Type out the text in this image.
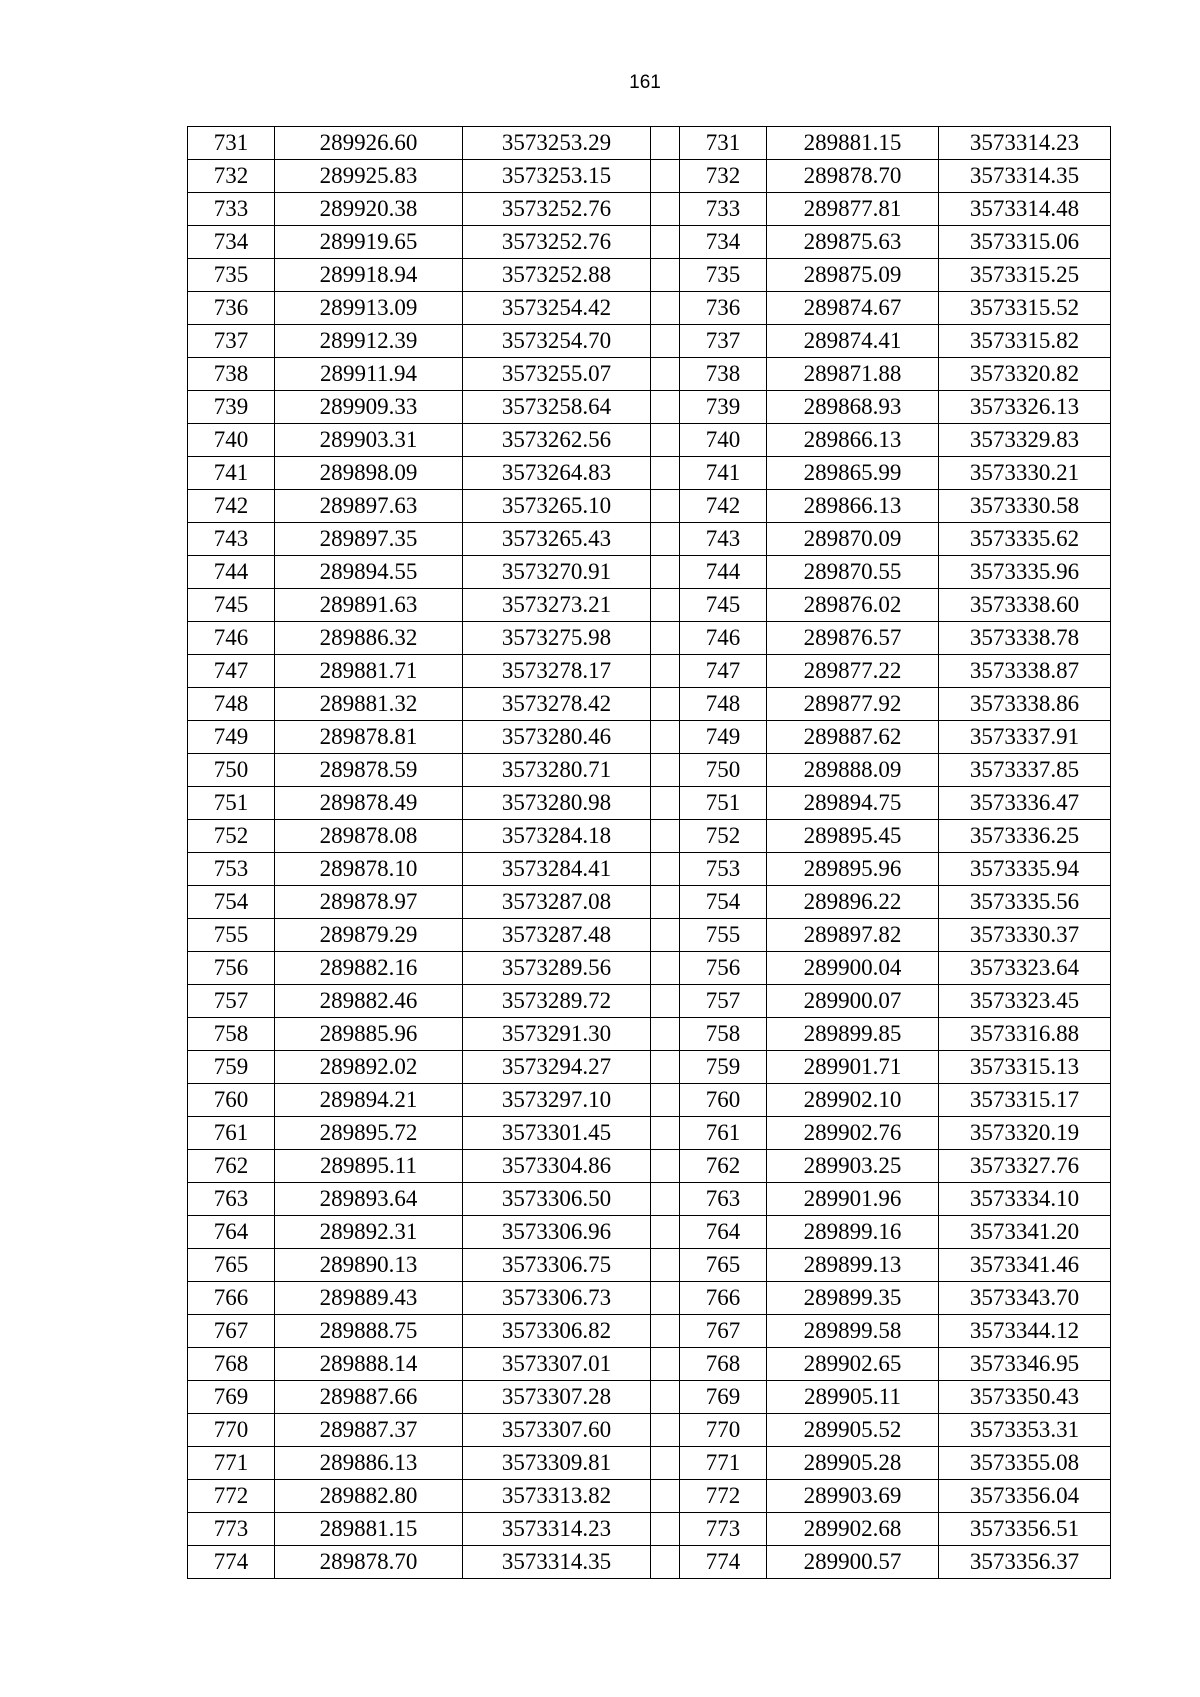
161
731	289926.60	3573253.29		731	289881.15	3573314.23
732	289925.83	3573253.15		732	289878.70	3573314.35
733	289920.38	3573252.76		733	289877.81	3573314.48
734	289919.65	3573252.76		734	289875.63	3573315.06
735	289918.94	3573252.88		735	289875.09	3573315.25
736	289913.09	3573254.42		736	289874.67	3573315.52
737	289912.39	3573254.70		737	289874.41	3573315.82
738	289911.94	3573255.07		738	289871.88	3573320.82
739	289909.33	3573258.64		739	289868.93	3573326.13
740	289903.31	3573262.56		740	289866.13	3573329.83
741	289898.09	3573264.83		741	289865.99	3573330.21
742	289897.63	3573265.10		742	289866.13	3573330.58
743	289897.35	3573265.43		743	289870.09	3573335.62
744	289894.55	3573270.91		744	289870.55	3573335.96
745	289891.63	3573273.21		745	289876.02	3573338.60
746	289886.32	3573275.98		746	289876.57	3573338.78
747	289881.71	3573278.17		747	289877.22	3573338.87
748	289881.32	3573278.42		748	289877.92	3573338.86
749	289878.81	3573280.46		749	289887.62	3573337.91
750	289878.59	3573280.71		750	289888.09	3573337.85
751	289878.49	3573280.98		751	289894.75	3573336.47
752	289878.08	3573284.18		752	289895.45	3573336.25
753	289878.10	3573284.41		753	289895.96	3573335.94
754	289878.97	3573287.08		754	289896.22	3573335.56
755	289879.29	3573287.48		755	289897.82	3573330.37
756	289882.16	3573289.56		756	289900.04	3573323.64
757	289882.46	3573289.72		757	289900.07	3573323.45
758	289885.96	3573291.30		758	289899.85	3573316.88
759	289892.02	3573294.27		759	289901.71	3573315.13
760	289894.21	3573297.10		760	289902.10	3573315.17
761	289895.72	3573301.45		761	289902.76	3573320.19
762	289895.11	3573304.86		762	289903.25	3573327.76
763	289893.64	3573306.50		763	289901.96	3573334.10
764	289892.31	3573306.96		764	289899.16	3573341.20
765	289890.13	3573306.75		765	289899.13	3573341.46
766	289889.43	3573306.73		766	289899.35	3573343.70
767	289888.75	3573306.82		767	289899.58	3573344.12
768	289888.14	3573307.01		768	289902.65	3573346.95
769	289887.66	3573307.28		769	289905.11	3573350.43
770	289887.37	3573307.60		770	289905.52	3573353.31
771	289886.13	3573309.81		771	289905.28	3573355.08
772	289882.80	3573313.82		772	289903.69	3573356.04
773	289881.15	3573314.23		773	289902.68	3573356.51
774	289878.70	3573314.35		774	289900.57	3573356.37
